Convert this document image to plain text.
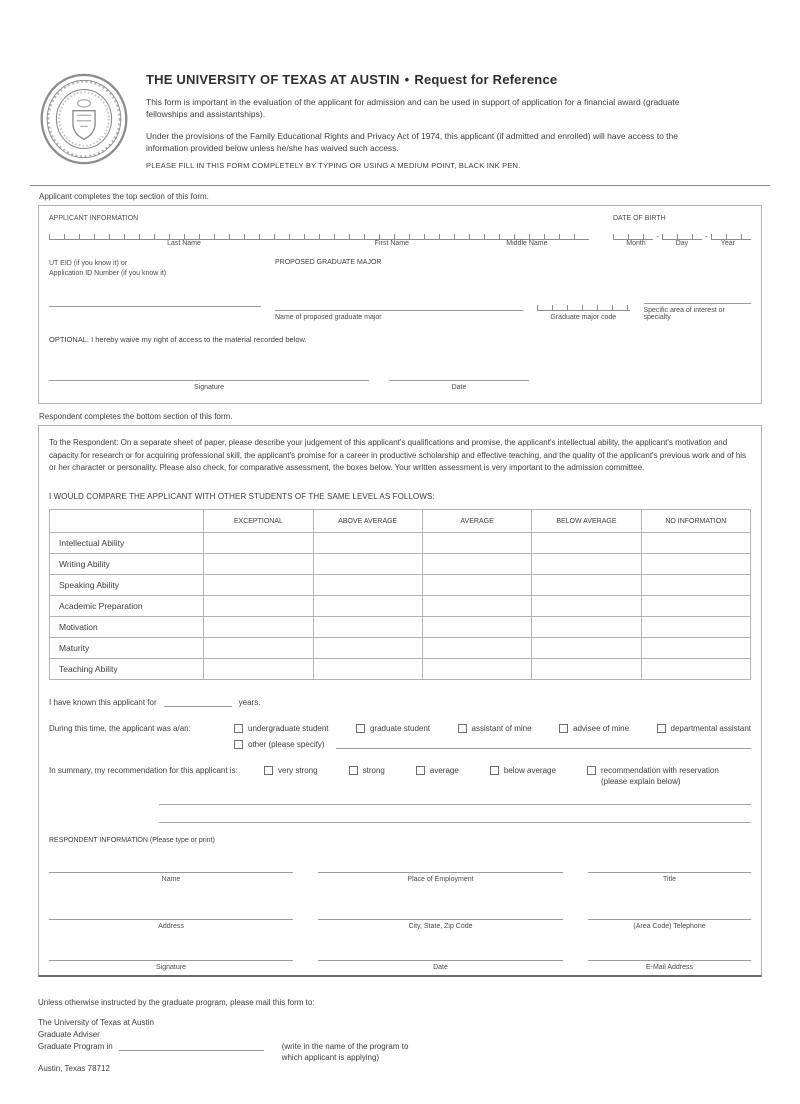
THE UNIVERSITY OF TEXAS AT AUSTIN • Request for Reference

This form is important in the evaluation of the applicant for admission and can be used in support of application for a financial award (graduate fellowships and assistantships).

Under the provisions of the Family Educational Rights and Privacy Act of 1974, this applicant (if admitted and enrolled) will have access to the information provided below unless he/she has waived such access.

PLEASE FILL IN THIS FORM COMPLETELY BY TYPING OR USING A MEDIUM POINT, BLACK INK PEN.

Applicant completes the top section of this form.
APPLICANT INFORMATION	DATE OF BIRTH
-	-
Last Name	First Name	Middle Name	Month	Day	Year
UT EID (if you know it) or
Application ID Number (if you know it)
PROPOSED GRADUATE MAJOR
Name of proposed graduate major	Graduate major code
Specific area of interest or specialty
OPTIONAL: I hereby waive my right of access to the material recorded below.
Signature	Date
Respondent completes the bottom section of this form.

To the Respondent: On a separate sheet of paper, please describe your judgement of this applicant's qualifications and promise, the applicant's intellectual ability, the applicant's motivation and capacity for research or for acquiring professional skill, the applicant's promise for a career in productive scholarship and effective teaching, and the quality of the applicant's previous work and of his or her character or personality. Please also check, for comparative assessment, the boxes below. Your written assessment is very important to the admission committee.

I WOULD COMPARE THE APPLICANT WITH OTHER STUDENTS OF THE SAME LEVEL AS FOLLOWS:
	EXCEPTIONAL	ABOVE AVERAGE	AVERAGE	BELOW AVERAGE	NO INFORMATION
Intellectual Ability					
Writing Ability					
Speaking Ability					
Academic Preparation					
Motivation					
Maturity					
Teaching Ability					
I have known this applicant for	years.
During this time, the applicant was a/an:	undergraduate student	graduate student	assistant of mine	advisee of mine	departmental assistant
other (please specify)
In summary, my recommendation for this applicant is:	very strong	strong	average	below average	recommendation with reservation
(please explain below)
RESPONDENT INFORMATION (Please type or print)
Name	Place of Employment	Title
Address	City, State, Zip Code	(Area Code) Telephone
Signature	Date	E-Mail Address
Unless otherwise instructed by the graduate program, please mail this form to:
The University of Texas at Austin
Graduate Adviser
Graduate Program in	(write in the name of the program to
which applicant is applying)
Austin, Texas 78712
